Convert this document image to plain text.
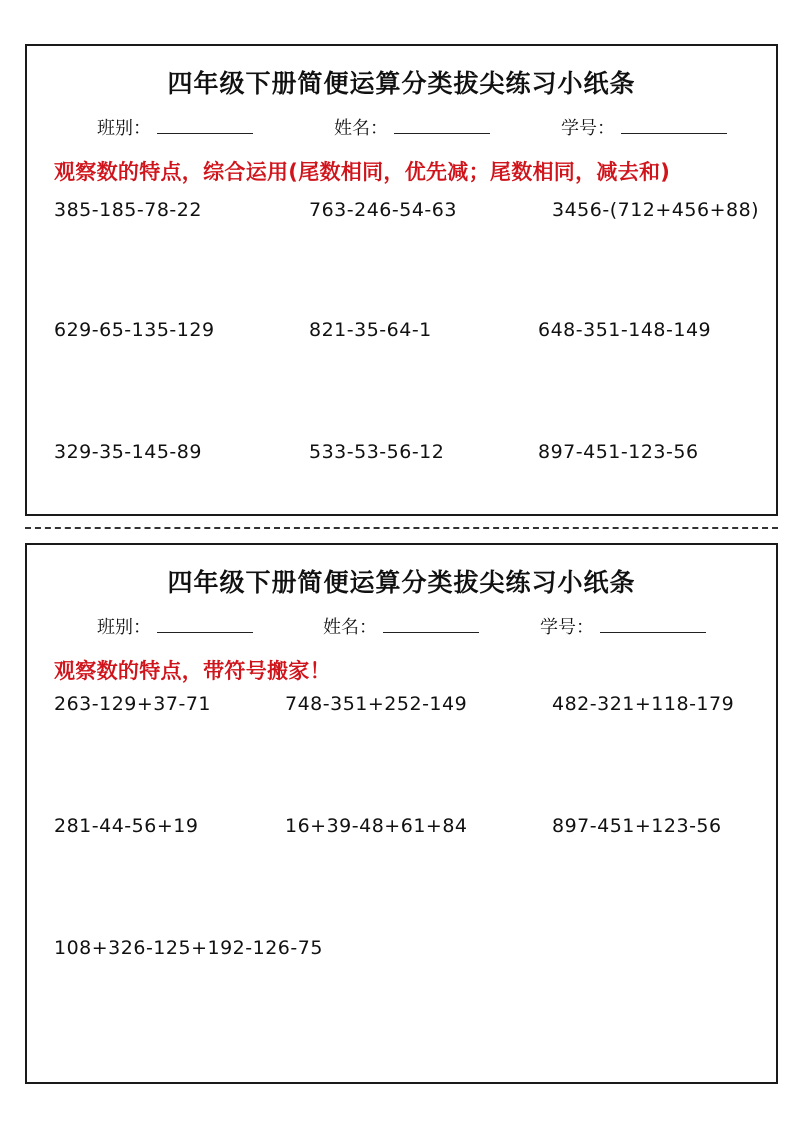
四年级下册简便运算分类拔尖练习小纸条
班别：	姓名：	学号：
观察数的特点，综合运用(尾数相同，优先减；尾数相同，减去和)
385-185-78-22	763-246-54-63	3456-(712+456+88)
629-65-135-129	821-35-64-1	648-351-148-149
329-35-145-89	533-53-56-12	897-451-123-56
四年级下册简便运算分类拔尖练习小纸条
班别：	姓名：	学号：
观察数的特点，带符号搬家！
263-129+37-71	748-351+252-149	482-321+118-179
281-44-56+19	16+39-48+61+84	897-451+123-56
108+326-125+192-126-75
